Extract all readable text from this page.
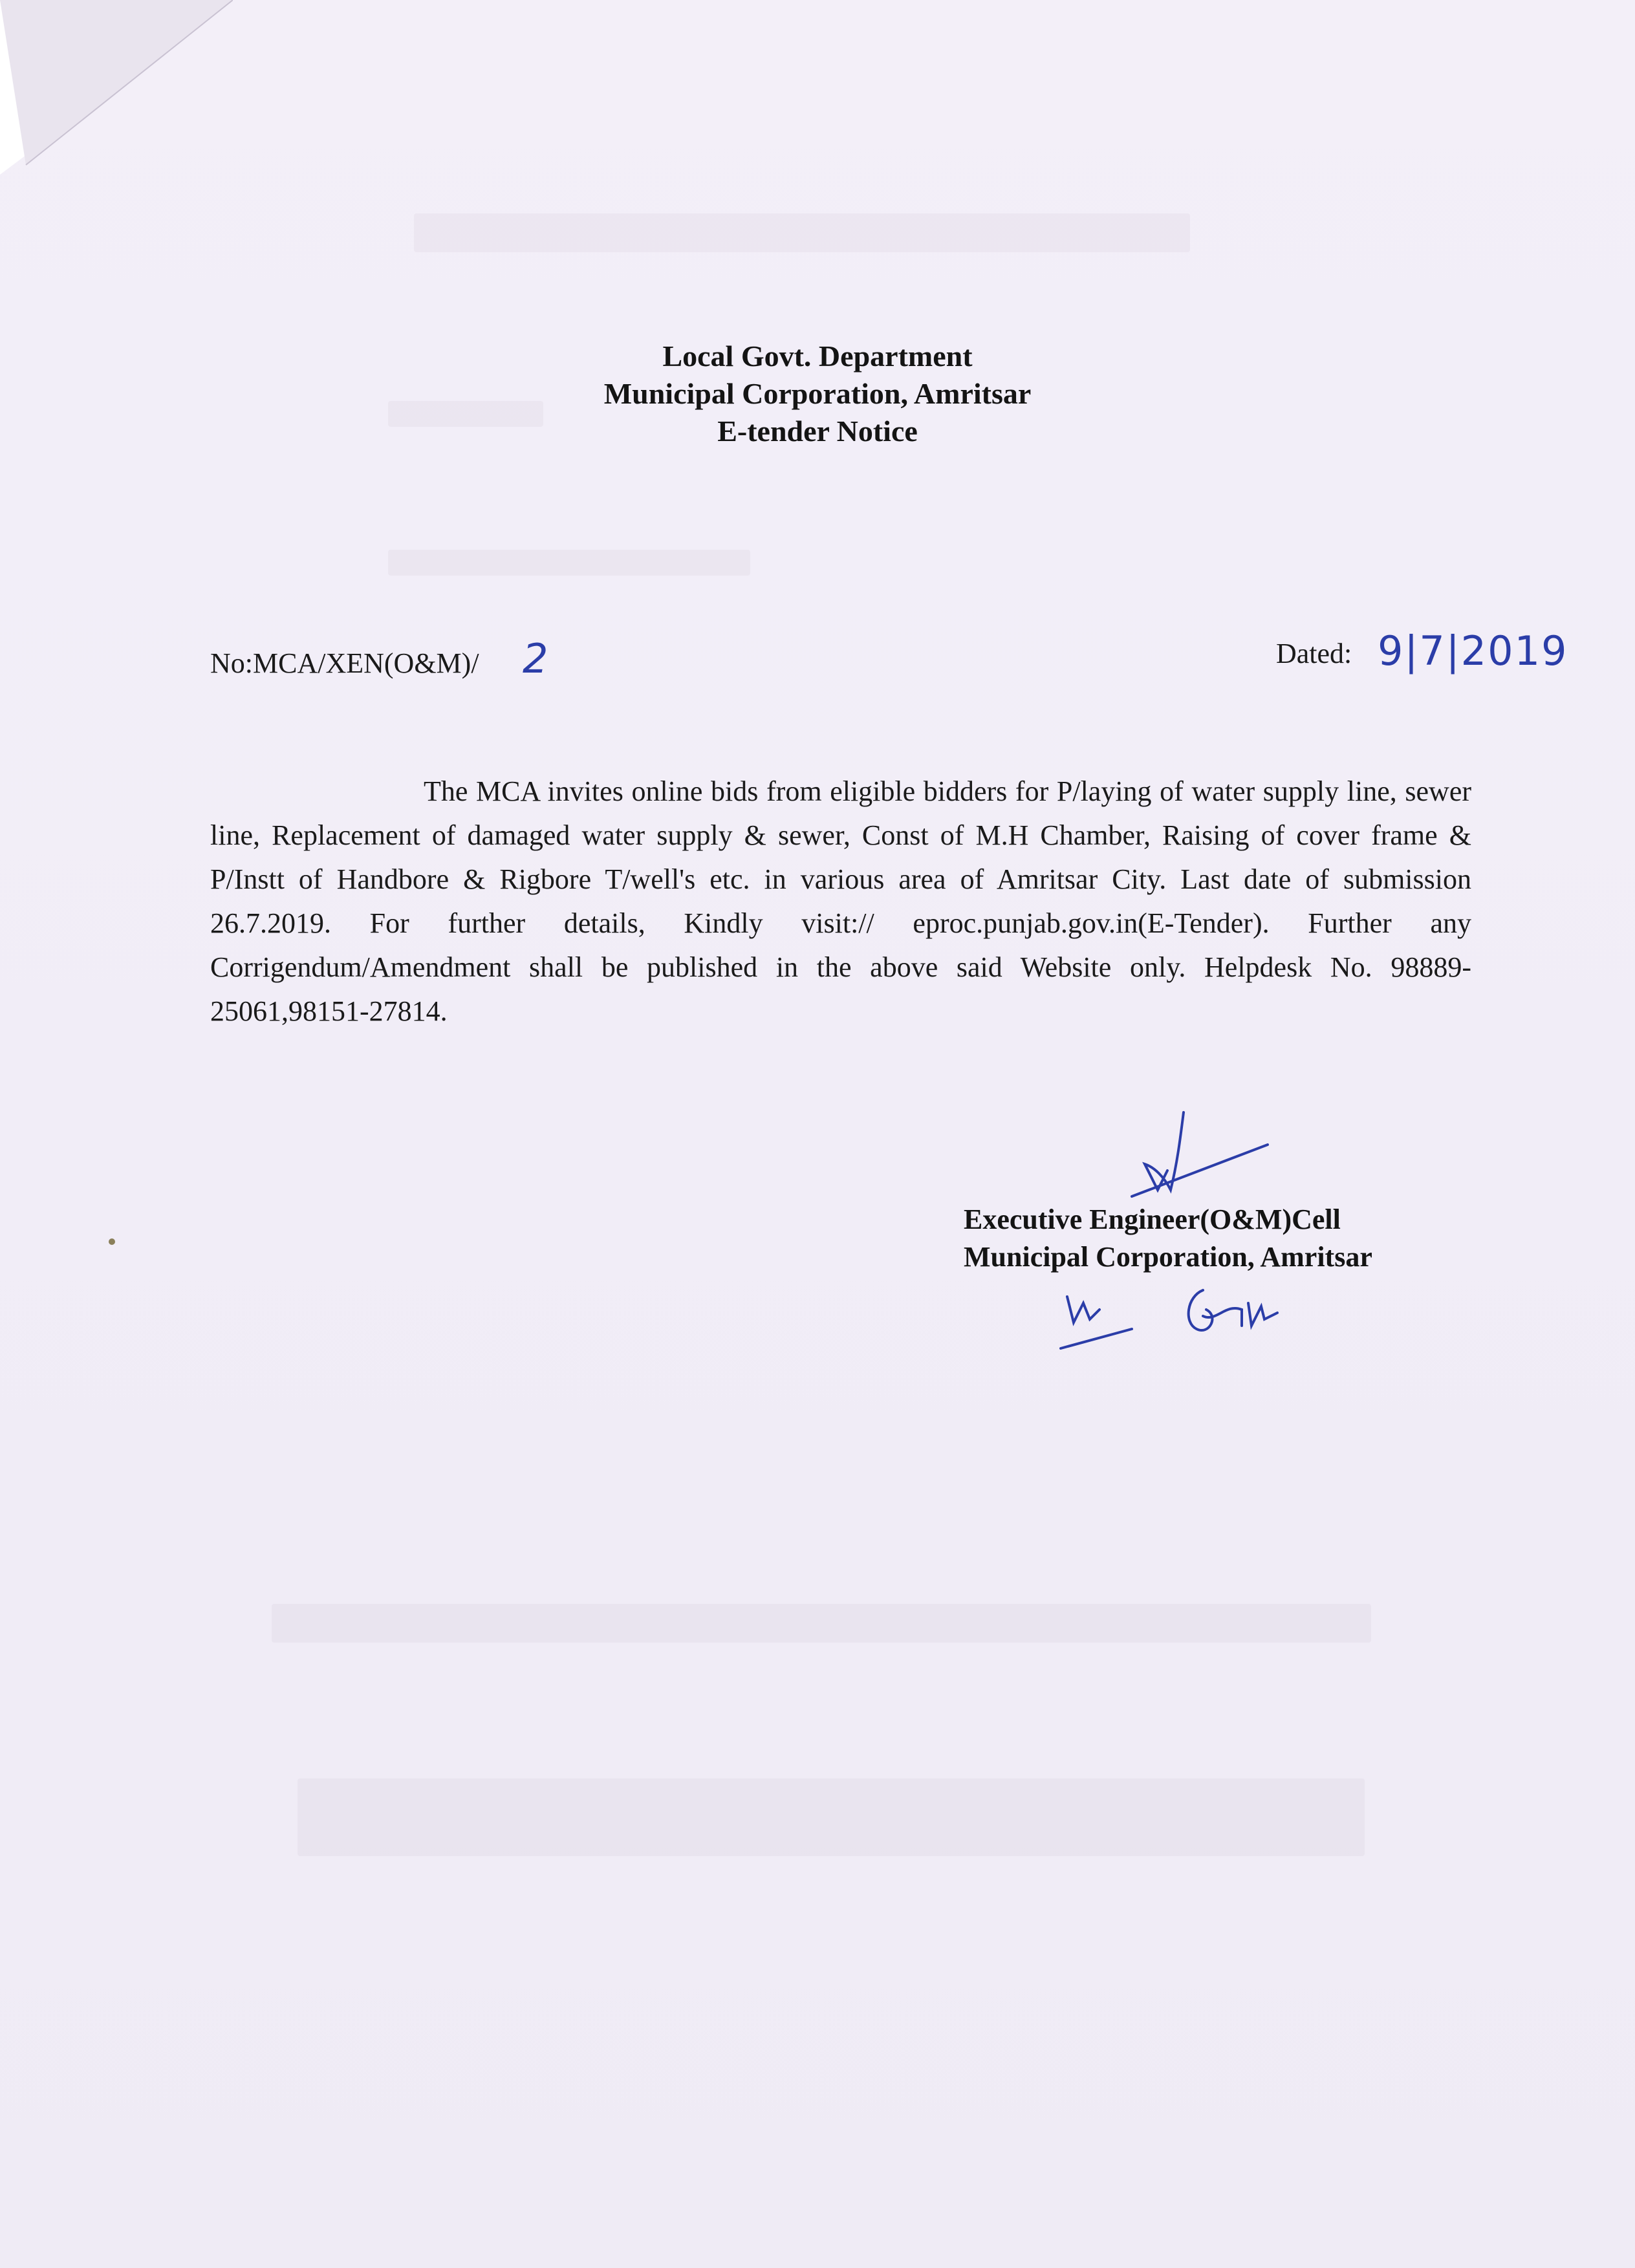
Local Govt. Department
Municipal Corporation, Amritsar
E-tender Notice
No:MCA/XEN(O&M)/ 2	Dated: 9|7|2019
The MCA invites online bids from eligible bidders for P/laying of water supply line, sewer line, Replacement of damaged water supply & sewer, Const of M.H Chamber, Raising of cover frame & P/Instt of Handbore & Rigbore T/well's etc. in various area of Amritsar City. Last date of submission 26.7.2019. For further details, Kindly visit:// eproc.punjab.gov.in(E-Tender). Further any Corrigendum/Amendment shall be published in the above said Website only. Helpdesk No. 98889-25061,98151-27814.
Executive Engineer(O&M)Cell
Municipal Corporation, Amritsar
